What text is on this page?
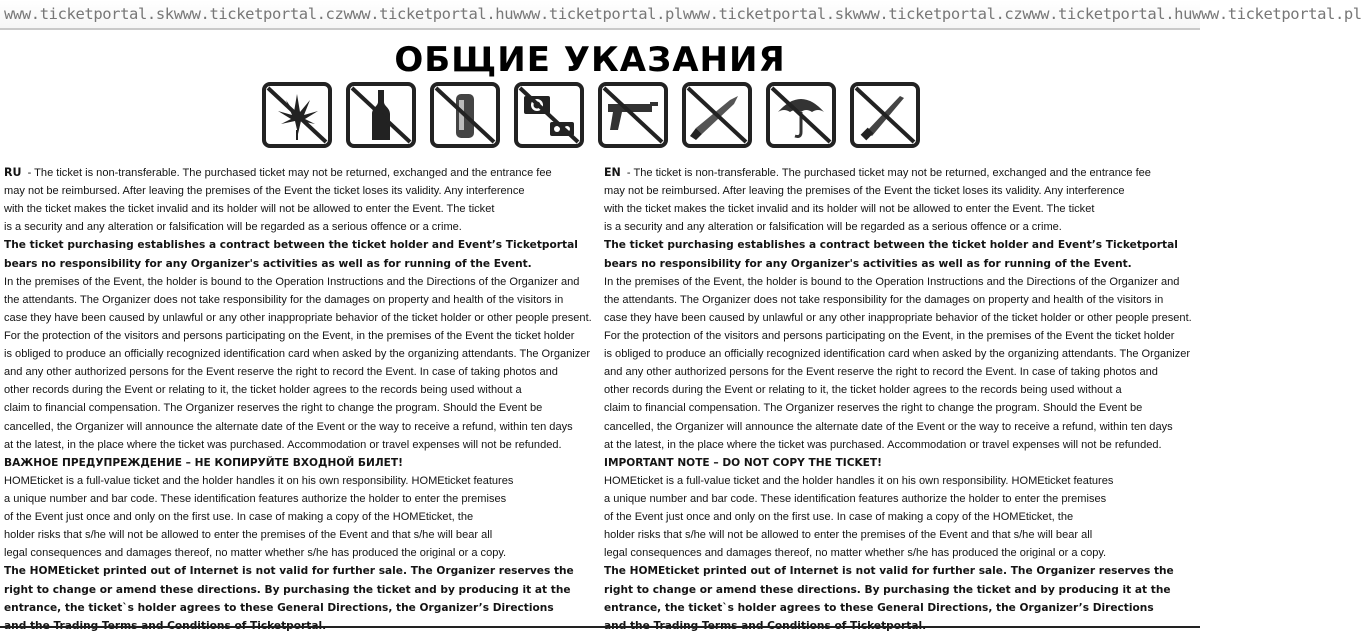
www.ticketportal.sk www.ticketportal.cz www.ticketportal.hu www.ticketportal.pl www.ticketportal.sk www.ticketportal.cz www.ticketportal.hu www.ticketportal.pl
ОБЩИЕ УКАЗАНИЯ
RU  - The ticket is non-transferable. The purchased ticket may not be returned, exchanged and the entrance fee
may not be reimbursed. After leaving the premises of the Event the ticket loses its validity. Any interference
with the ticket makes the ticket invalid and its holder will not be allowed to enter the Event. The ticket
is a security and any alteration or falsification will be regarded as a serious offence or a crime.
The ticket purchasing establishes a contract between the ticket holder and Event’s Ticketportal
bears no responsibility for any Organizer's activities as well as for running of the Event.
In the premises of the Event, the holder is bound to the Operation Instructions and the Directions of the Organizer and
the attendants. The Organizer does not take responsibility for the damages on property and health of the visitors in
case they have been caused by unlawful or any other inappropriate behavior of the ticket holder or other people present.
For the protection of the visitors and persons participating on the Event, in the premises of the Event the ticket holder
is obliged to produce an officially recognized identification card when asked by the organizing attendants. The Organizer
and any other authorized persons for the Event reserve the right to record the Event. In case of taking photos and
other records during the Event or relating to it, the ticket holder agrees to the records being used without a
claim to financial compensation. The Organizer reserves the right to change the program. Should the Event be
cancelled, the Organizer will announce the alternate date of the Event or the way to receive a refund, within ten days
at the latest, in the place where the ticket was purchased. Accommodation or travel expenses will not be refunded.
ВАЖНОЕ ПРЕДУПРЕЖДЕНИЕ – НЕ КОПИРУЙТЕ ВХОДНОЙ БИЛЕТ!
HOMEticket is a full-value ticket and the holder handles it on his own responsibility. HOMEticket features
a unique number and bar code. These identification features authorize the holder to enter the premises
of the Event just once and only on the first use. In case of making a copy of the HOMEticket, the
holder risks that s/he will not be allowed to enter the premises of the Event and that s/he will bear all
legal consequences and damages thereof, no matter whether s/he has produced the original or a copy.
The HOMEticket printed out of Internet is not valid for further sale. The Organizer reserves the
right to change or amend these directions. By purchasing the ticket and by producing it at the
entrance, the ticket`s holder agrees to these General Directions, the Organizer’s Directions
EN  - The ticket is non-transferable. The purchased ticket may not be returned, exchanged and the entrance fee
may not be reimbursed. After leaving the premises of the Event the ticket loses its validity. Any interference
with the ticket makes the ticket invalid and its holder will not be allowed to enter the Event. The ticket
is a security and any alteration or falsification will be regarded as a serious offence or a crime.
The ticket purchasing establishes a contract between the ticket holder and Event’s Ticketportal
bears no responsibility for any Organizer's activities as well as for running of the Event.
In the premises of the Event, the holder is bound to the Operation Instructions and the Directions of the Organizer and
the attendants. The Organizer does not take responsibility for the damages on property and health of the visitors in
case they have been caused by unlawful or any other inappropriate behavior of the ticket holder or other people present.
For the protection of the visitors and persons participating on the Event, in the premises of the Event the ticket holder
is obliged to produce an officially recognized identification card when asked by the organizing attendants. The Organizer
and any other authorized persons for the Event reserve the right to record the Event. In case of taking photos and
other records during the Event or relating to it, the ticket holder agrees to the records being used without a
claim to financial compensation. The Organizer reserves the right to change the program. Should the Event be
cancelled, the Organizer will announce the alternate date of the Event or the way to receive a refund, within ten days
at the latest, in the place where the ticket was purchased. Accommodation or travel expenses will not be refunded.
IMPORTANT NOTE – DO NOT COPY THE TICKET!
HOMEticket is a full-value ticket and the holder handles it on his own responsibility. HOMEticket features
a unique number and bar code. These identification features authorize the holder to enter the premises
of the Event just once and only on the first use. In case of making a copy of the HOMEticket, the
holder risks that s/he will not be allowed to enter the premises of the Event and that s/he will bear all
legal consequences and damages thereof, no matter whether s/he has produced the original or a copy.
The HOMEticket printed out of Internet is not valid for further sale. The Organizer reserves the
right to change or amend these directions. By purchasing the ticket and by producing it at the
entrance, the ticket`s holder agrees to these General Directions, the Organizer’s Directions
